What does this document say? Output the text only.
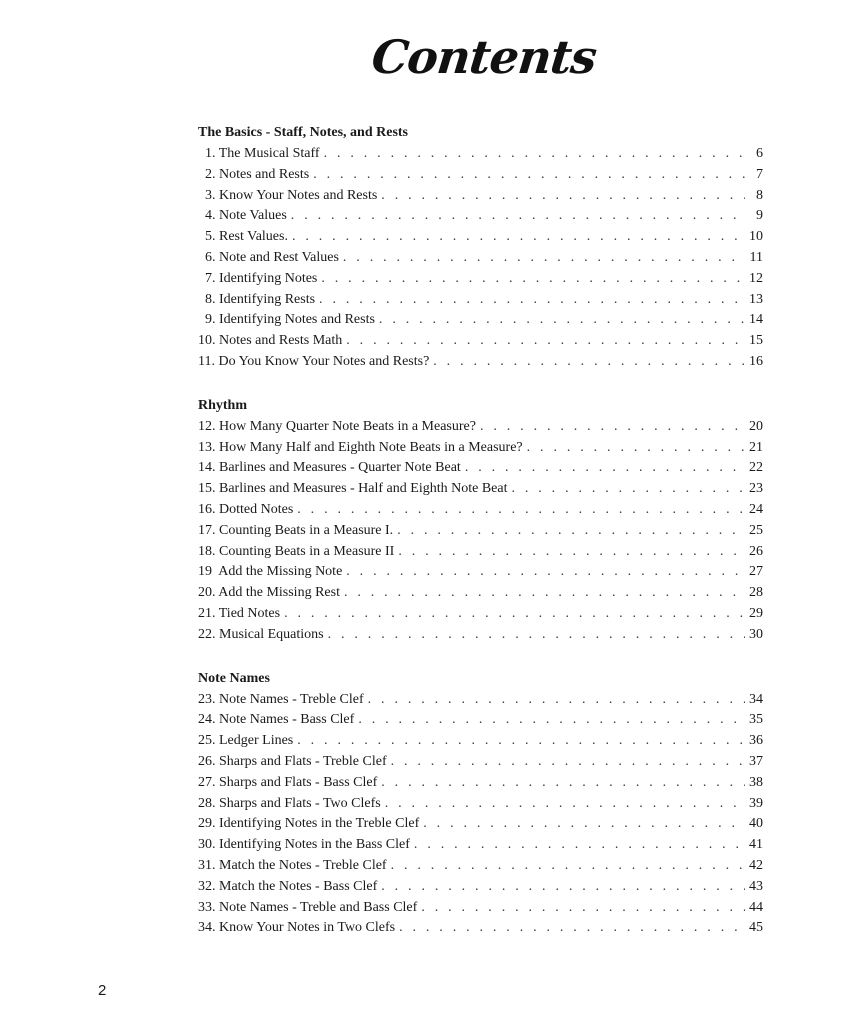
Contents
The Basics - Staff, Notes, and Rests
1. The Musical Staff . . .	6
2. Notes and Rests . . .	7
3. Know Your Notes and Rests . . .	8
4. Note Values . . .	9
5. Rest Values. . . .	10
6. Note and Rest Values . . .	11
7. Identifying Notes . . .	12
8. Identifying Rests . . .	13
9. Identifying Notes and Rests . . .	14
10. Notes and Rests Math . . .	15
11. Do You Know Your Notes and Rests? . . .	16
Rhythm
12. How Many Quarter Note Beats in a Measure? . . .	20
13. How Many Half and Eighth Note Beats in a Measure? . . .	21
14. Barlines and Measures - Quarter Note Beat . . .	22
15. Barlines and Measures - Half and Eighth Note Beat . . .	23
16. Dotted Notes . . .	24
17. Counting Beats in a Measure I. . . .	25
18. Counting Beats in a Measure II . . .	26
19  Add the Missing Note . . .	27
20. Add the Missing Rest . . .	28
21. Tied Notes . . .	29
22. Musical Equations . . .	30
Note Names
23. Note Names - Treble Clef . . .	34
24. Note Names - Bass Clef . . .	35
25. Ledger Lines . . .	36
26. Sharps and Flats - Treble Clef . . .	37
27. Sharps and Flats - Bass Clef . . .	38
28. Sharps and Flats - Two Clefs . . .	39
29. Identifying Notes in the Treble Clef . . .	40
30. Identifying Notes in the Bass Clef . . .	41
31. Match the Notes - Treble Clef . . .	42
32. Match the Notes - Bass Clef . . .	43
33. Note Names - Treble and Bass Clef . . .	44
34. Know Your Notes in Two Clefs . . .	45
2
